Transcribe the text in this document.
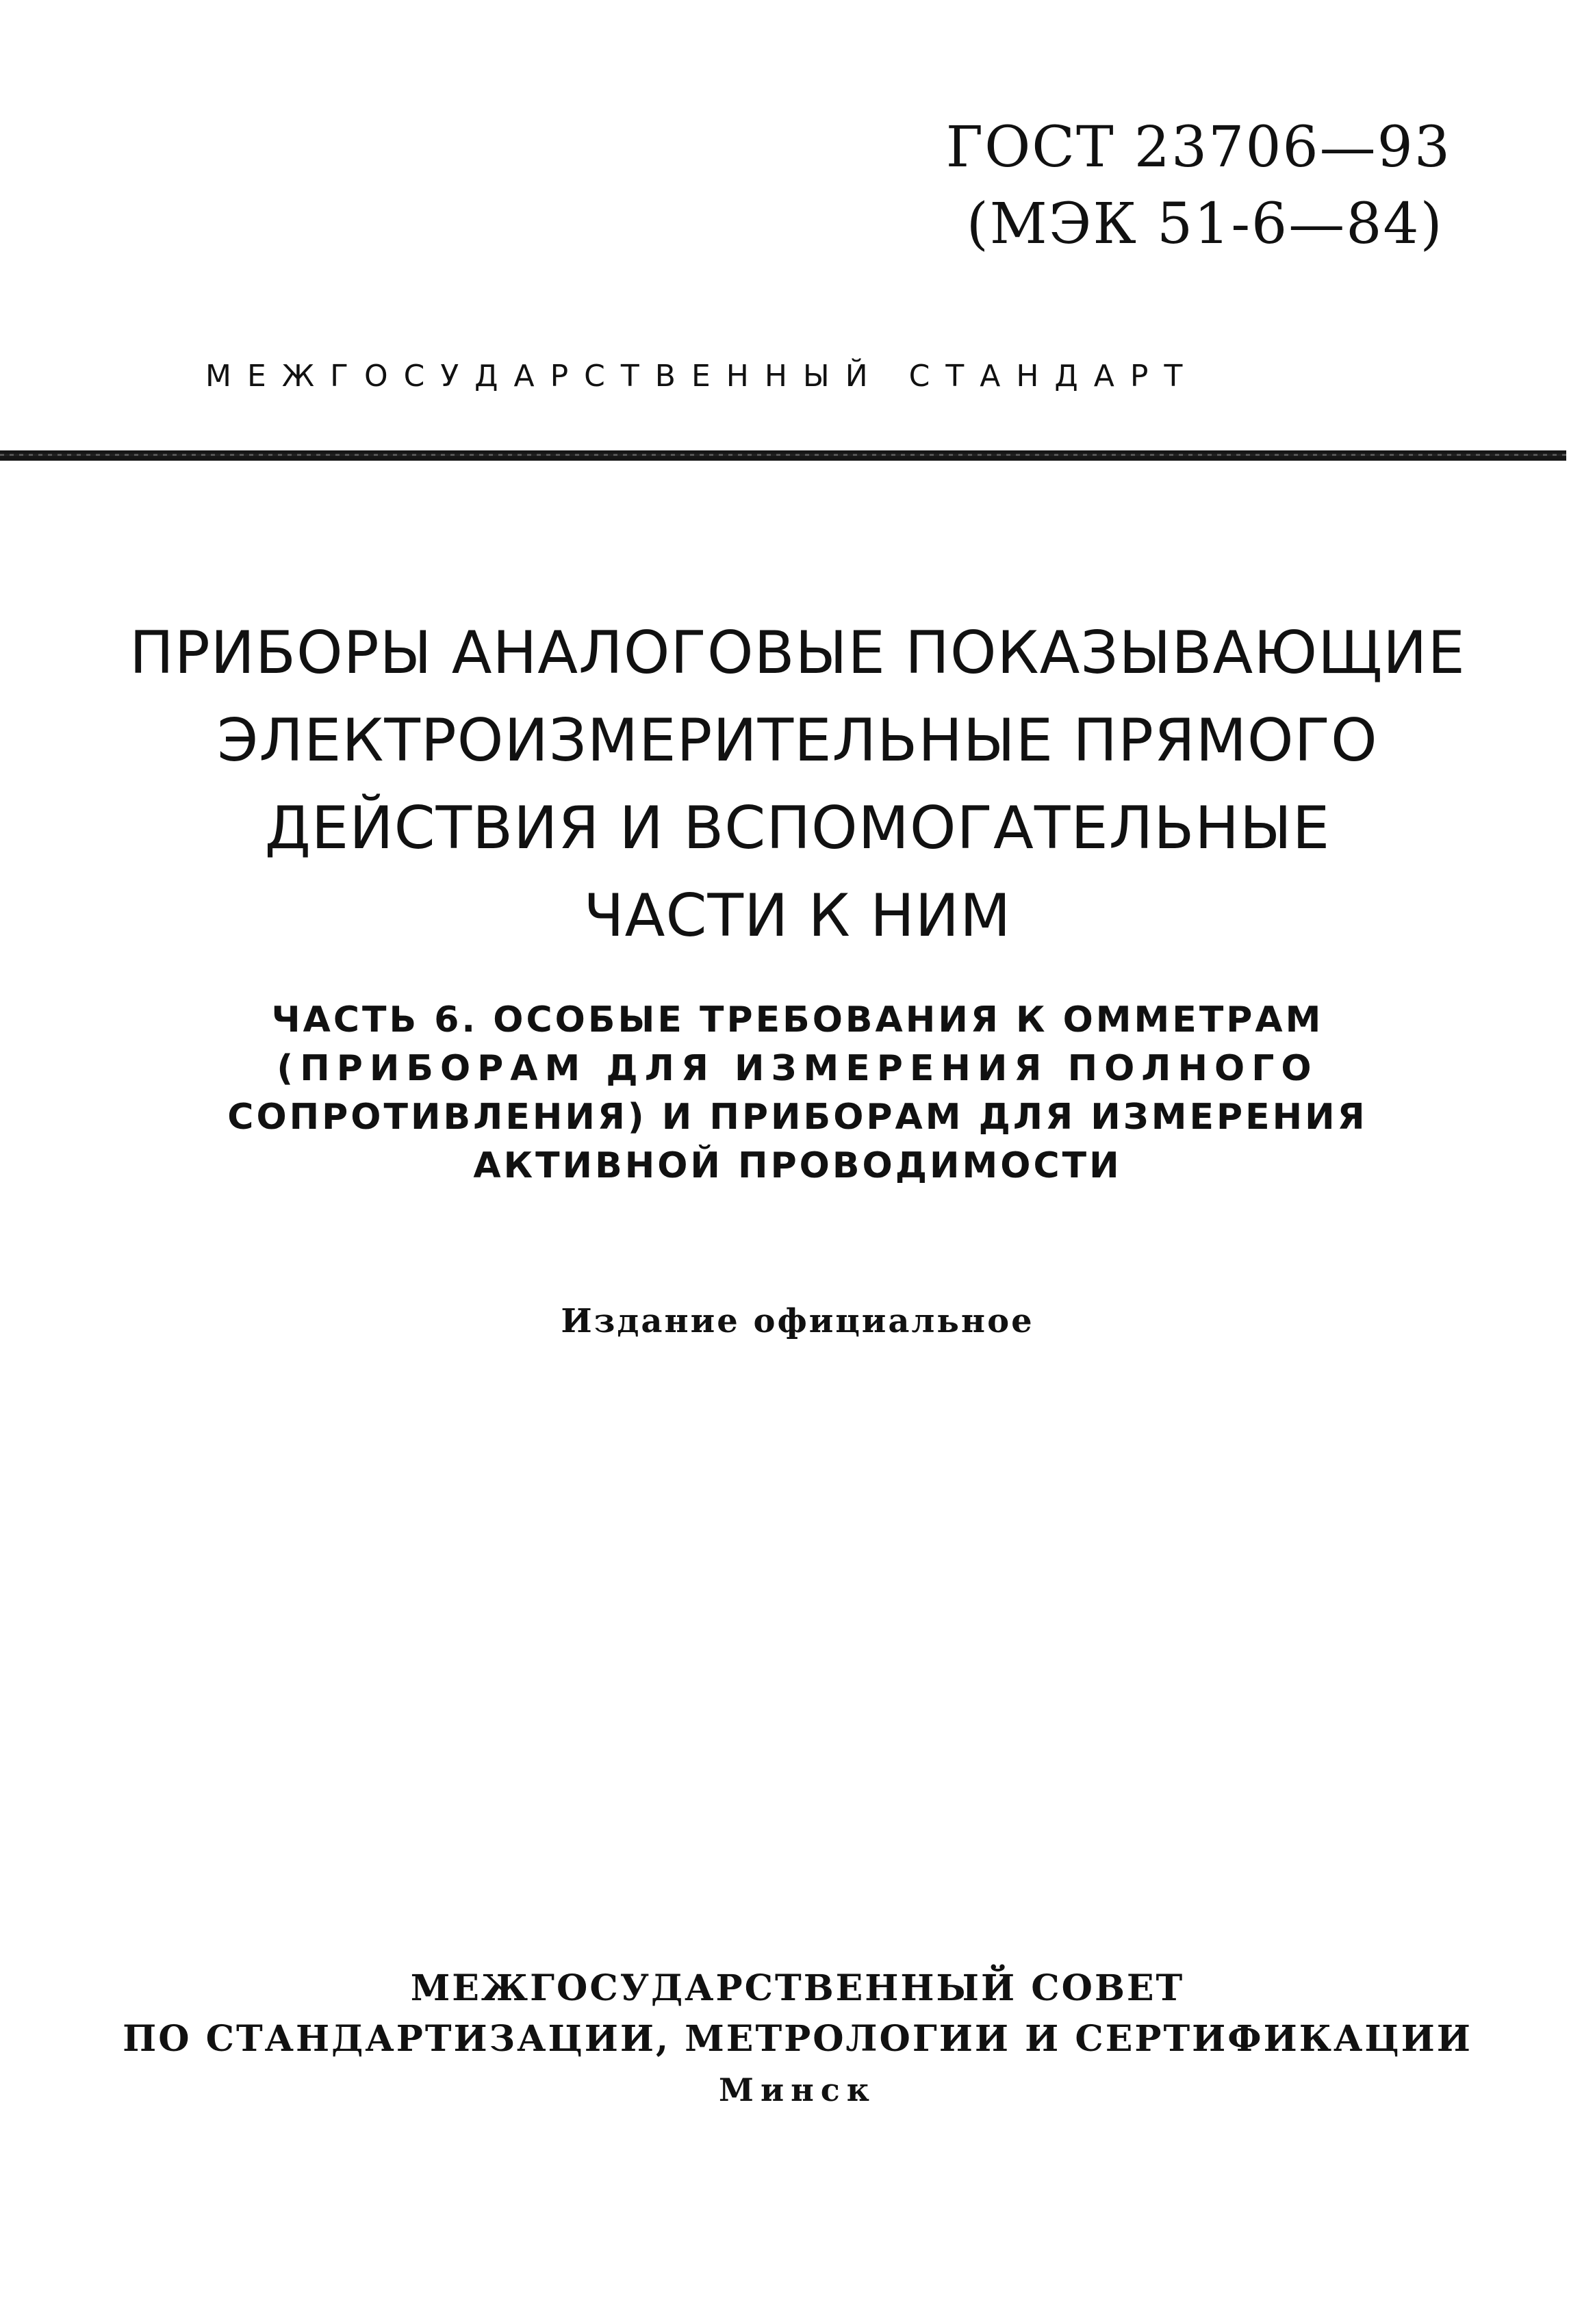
ГОСТ 23706—93
(МЭК 51-6—84)
МЕЖГОСУДАРСТВЕННЫЙ СТАНДАРТ
ПРИБОРЫ АНАЛОГОВЫЕ ПОКАЗЫВАЮЩИЕ
ЭЛЕКТРОИЗМЕРИТЕЛЬНЫЕ ПРЯМОГО
ДЕЙСТВИЯ И ВСПОМОГАТЕЛЬНЫЕ
ЧАСТИ К НИМ
ЧАСТЬ 6. ОСОБЫЕ ТРЕБОВАНИЯ К ОММЕТРАМ
(ПРИБОРАМ ДЛЯ ИЗМЕРЕНИЯ ПОЛНОГО
СОПРОТИВЛЕНИЯ) И ПРИБОРАМ ДЛЯ ИЗМЕРЕНИЯ
АКТИВНОЙ ПРОВОДИМОСТИ
Издание официальное
МЕЖГОСУДАРСТВЕННЫЙ СОВЕТ
ПО СТАНДАРТИЗАЦИИ, МЕТРОЛОГИИ И СЕРТИФИКАЦИИ
Минск
